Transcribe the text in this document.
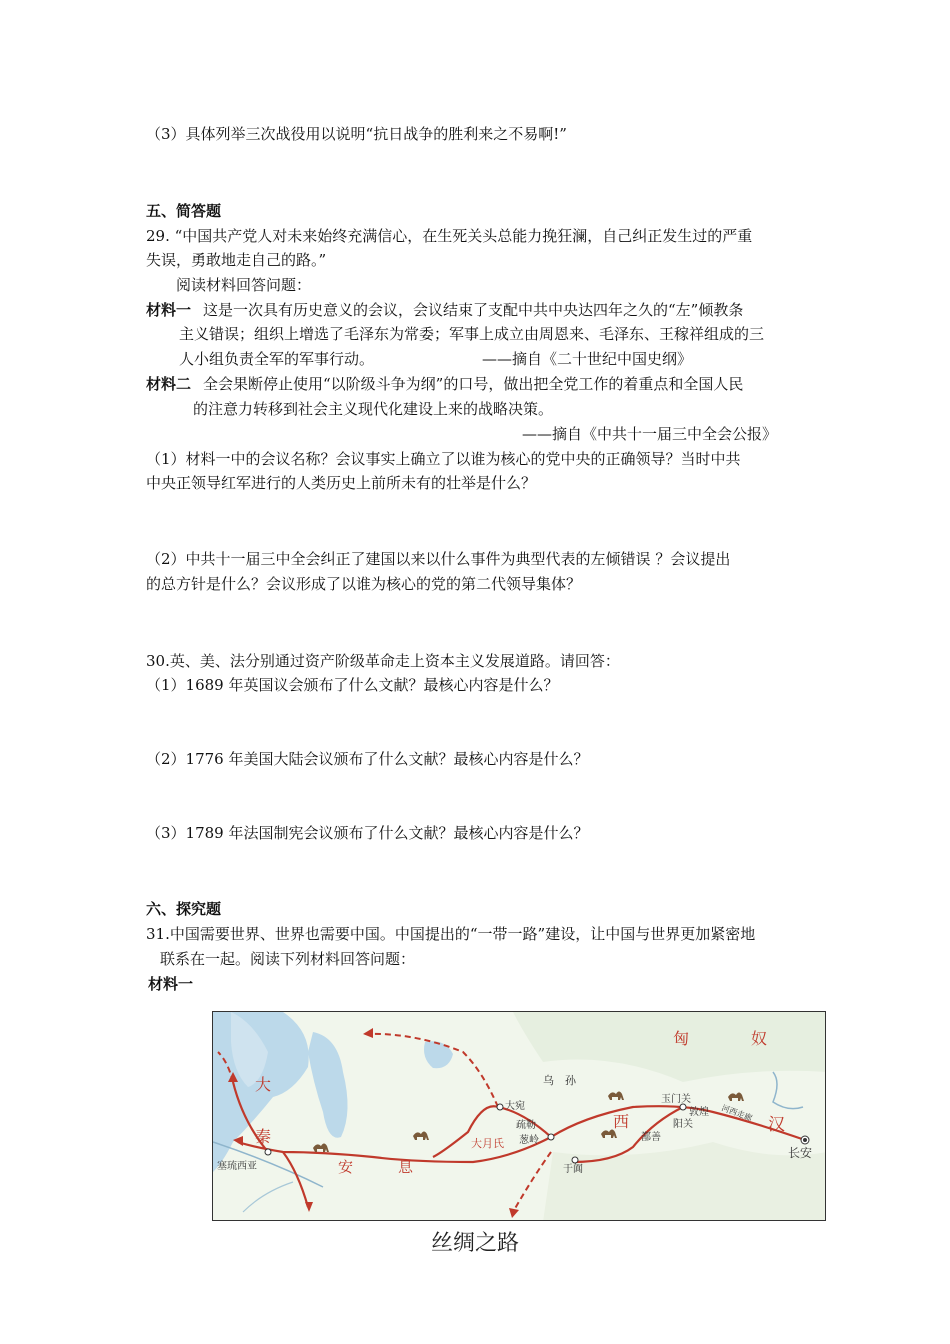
（3）具体列举三次战役用以说明“抗日战争的胜利来之不易啊!”
五、简答题
29. “中国共产党人对未来始终充满信心，在生死关头总能力挽狂澜，自己纠正发生过的严重
失误，勇敢地走自己的路。”
阅读材料回答问题：
材料一 这是一次具有历史意义的会议，会议结束了支配中共中央达四年之久的“左”倾教条
主义错误；组织上增选了毛泽东为常委；军事上成立由周恩来、毛泽东、王稼祥组成的三
人小组负责全军的军事行动。	——摘自《二十世纪中国史纲》
材料二 全会果断停止使用“以阶级斗争为纲”的口号，做出把全党工作的着重点和全国人民
的注意力转移到社会主义现代化建设上来的战略决策。
——摘自《中共十一届三中全会公报》
（1）材料一中的会议名称？会议事实上确立了以谁为核心的党中央的正确领导？当时中共
中央正领导红军进行的人类历史上前所未有的壮举是什么？
（2）中共十一届三中全会纠正了建国以来以什么事件为典型代表的左倾错误 ？会议提出
的总方针是什么？会议形成了以谁为核心的党的第二代领导集体？
30.英、美、法分别通过资产阶级革命走上资本主义发展道路。请回答：
（1）1689 年英国议会颁布了什么文献？最核心内容是什么？
（2）1776 年美国大陆会议颁布了什么文献？最核心内容是什么？
（3）1789 年法国制宪会议颁布了什么文献？最核心内容是什么？
六、探究题
31.中国需要世界、世界也需要中国。中国提出的“一带一路”建设，让中国与世界更加紧密地
联系在一起。阅读下列材料回答问题：
材料一
匈	奴
乌　孙
大宛
玉门关
敦煌
阳关
河西走廊
汉
长安
西
鄯善
疏勒
葱岭
于阗
大月氏
大
秦
安	息
塞琉西亚
丝绸之路
